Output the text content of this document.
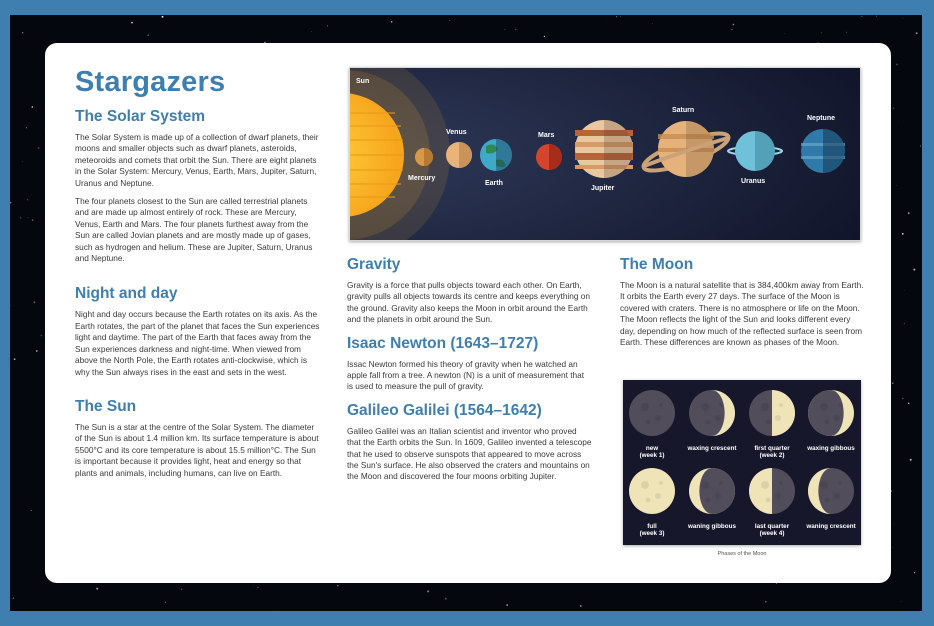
Stargazers
The Solar System

The Solar System is made up of a collection of dwarf planets, their moons and smaller objects such as dwarf planets, asteroids, meteoroids and comets that orbit the Sun. There are eight planets in the Solar System: Mercury, Venus, Earth, Mars, Jupiter, Saturn, Uranus and Neptune.

The four planets closest to the Sun are called terrestrial planets and are made up almost entirely of rock. These are Mercury, Venus, Earth and Mars. The four planets furthest away from the Sun are called Jovian planets and are mostly made up of gases, such as hydrogen and helium. These are Jupiter, Saturn, Uranus and Neptune.

Night and day

Night and day occurs because the Earth rotates on its axis. As the Earth rotates, the part of the planet that faces the Sun experiences light and daytime. The part of the Earth that faces away from the Sun experiences darkness and night-time. When viewed from above the North Pole, the Earth rotates anti-clockwise, which is why the Sun always rises in the east and sets in the west.

The Sun

The Sun is a star at the centre of the Solar System. The diameter of the Sun is about 1.4 million km. Its surface temperature is about 5500°C and its core temperature is about 15.5 million°C. The Sun is important because it provides light, heat and energy so that plants and animals, including humans, can live on Earth.

Sun
Mercury
Venus
Earth
Mars
Jupiter
Saturn
Uranus
Neptune
Gravity

Gravity is a force that pulls objects toward each other. On Earth, gravity pulls all objects towards its centre and keeps everything on the ground. Gravity also keeps the Moon in orbit around the Earth and the planets in orbit around the Sun.

Isaac Newton (1643–1727)

Issac Newton formed his theory of gravity when he watched an apple fall from a tree. A newton (N) is a unit of measurement that is used to measure the pull of gravity.

Galileo Galilei (1564–1642)

Galileo Galilei was an Italian scientist and inventor who proved that the Earth orbits the Sun. In 1609, Galileo invented a telescope that he used to observe sunspots that appeared to move across the Sun's surface. He also observed the craters and mountains on the Moon and discovered the four moons orbiting Jupiter.

The Moon

The Moon is a natural satellite that is 384,400km away from Earth. It orbits the Earth every 27 days. The surface of the Moon is covered with craters. There is no atmosphere or life on the Moon. The Moon reflects the light of the Sun and looks different every day, depending on how much of the reflected surface is seen from Earth. These differences are known as phases of the Moon.

new
(week 1)
waxing crescent	first quarter
(week 2)
waxing gibbous
full
(week 3)
waning gibbous	last quarter
(week 4)
waning crescent
Phases of the Moon
